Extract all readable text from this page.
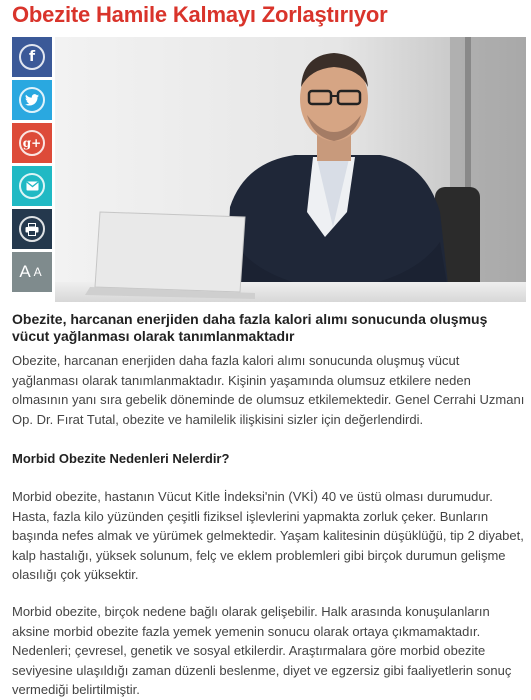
Obezite Hamile Kalmayı Zorlaştırıyor
f
g+
A A
Obezite, harcanan enerjiden daha fazla kalori alımı sonucunda oluşmuş vücut yağlanması olarak tanımlanmaktadır
Obezite, harcanan enerjiden daha fazla kalori alımı sonucunda oluşmuş vücut yağlanması olarak tanımlanmaktadır. Kişinin yaşamında olumsuz etkilere neden olmasının yanı sıra gebelik döneminde de olumsuz etkilemektedir. Genel Cerrahi Uzmanı Op. Dr. Fırat Tutal, obezite ve hamilelik ilişkisini sizler için değerlendirdi.
Morbid Obezite Nedenleri Nelerdir?
Morbid obezite, hastanın Vücut Kitle İndeksi'nin (VKİ) 40 ve üstü olması durumudur. Hasta, fazla kilo yüzünden çeşitli fiziksel işlevlerini yapmakta zorluk çeker. Bunların başında nefes almak ve yürümek gelmektedir. Yaşam kalitesinin düşüklüğü, tip 2 diyabet, kalp hastalığı, yüksek solunum, felç ve eklem problemleri gibi birçok durumun gelişme olasılığı çok yüksektir.
Morbid obezite, birçok nedene bağlı olarak gelişebilir. Halk arasında konuşulanların aksine morbid obezite fazla yemek yemenin sonucu olarak ortaya çıkmamaktadır. Nedenleri; çevresel, genetik ve sosyal etkilerdir. Araştırmalara göre morbid obezite seviyesine ulaşıldığı zaman düzenli beslenme, diyet ve egzersiz gibi faaliyetlerin sonuç vermediği belirtilmiştir.
